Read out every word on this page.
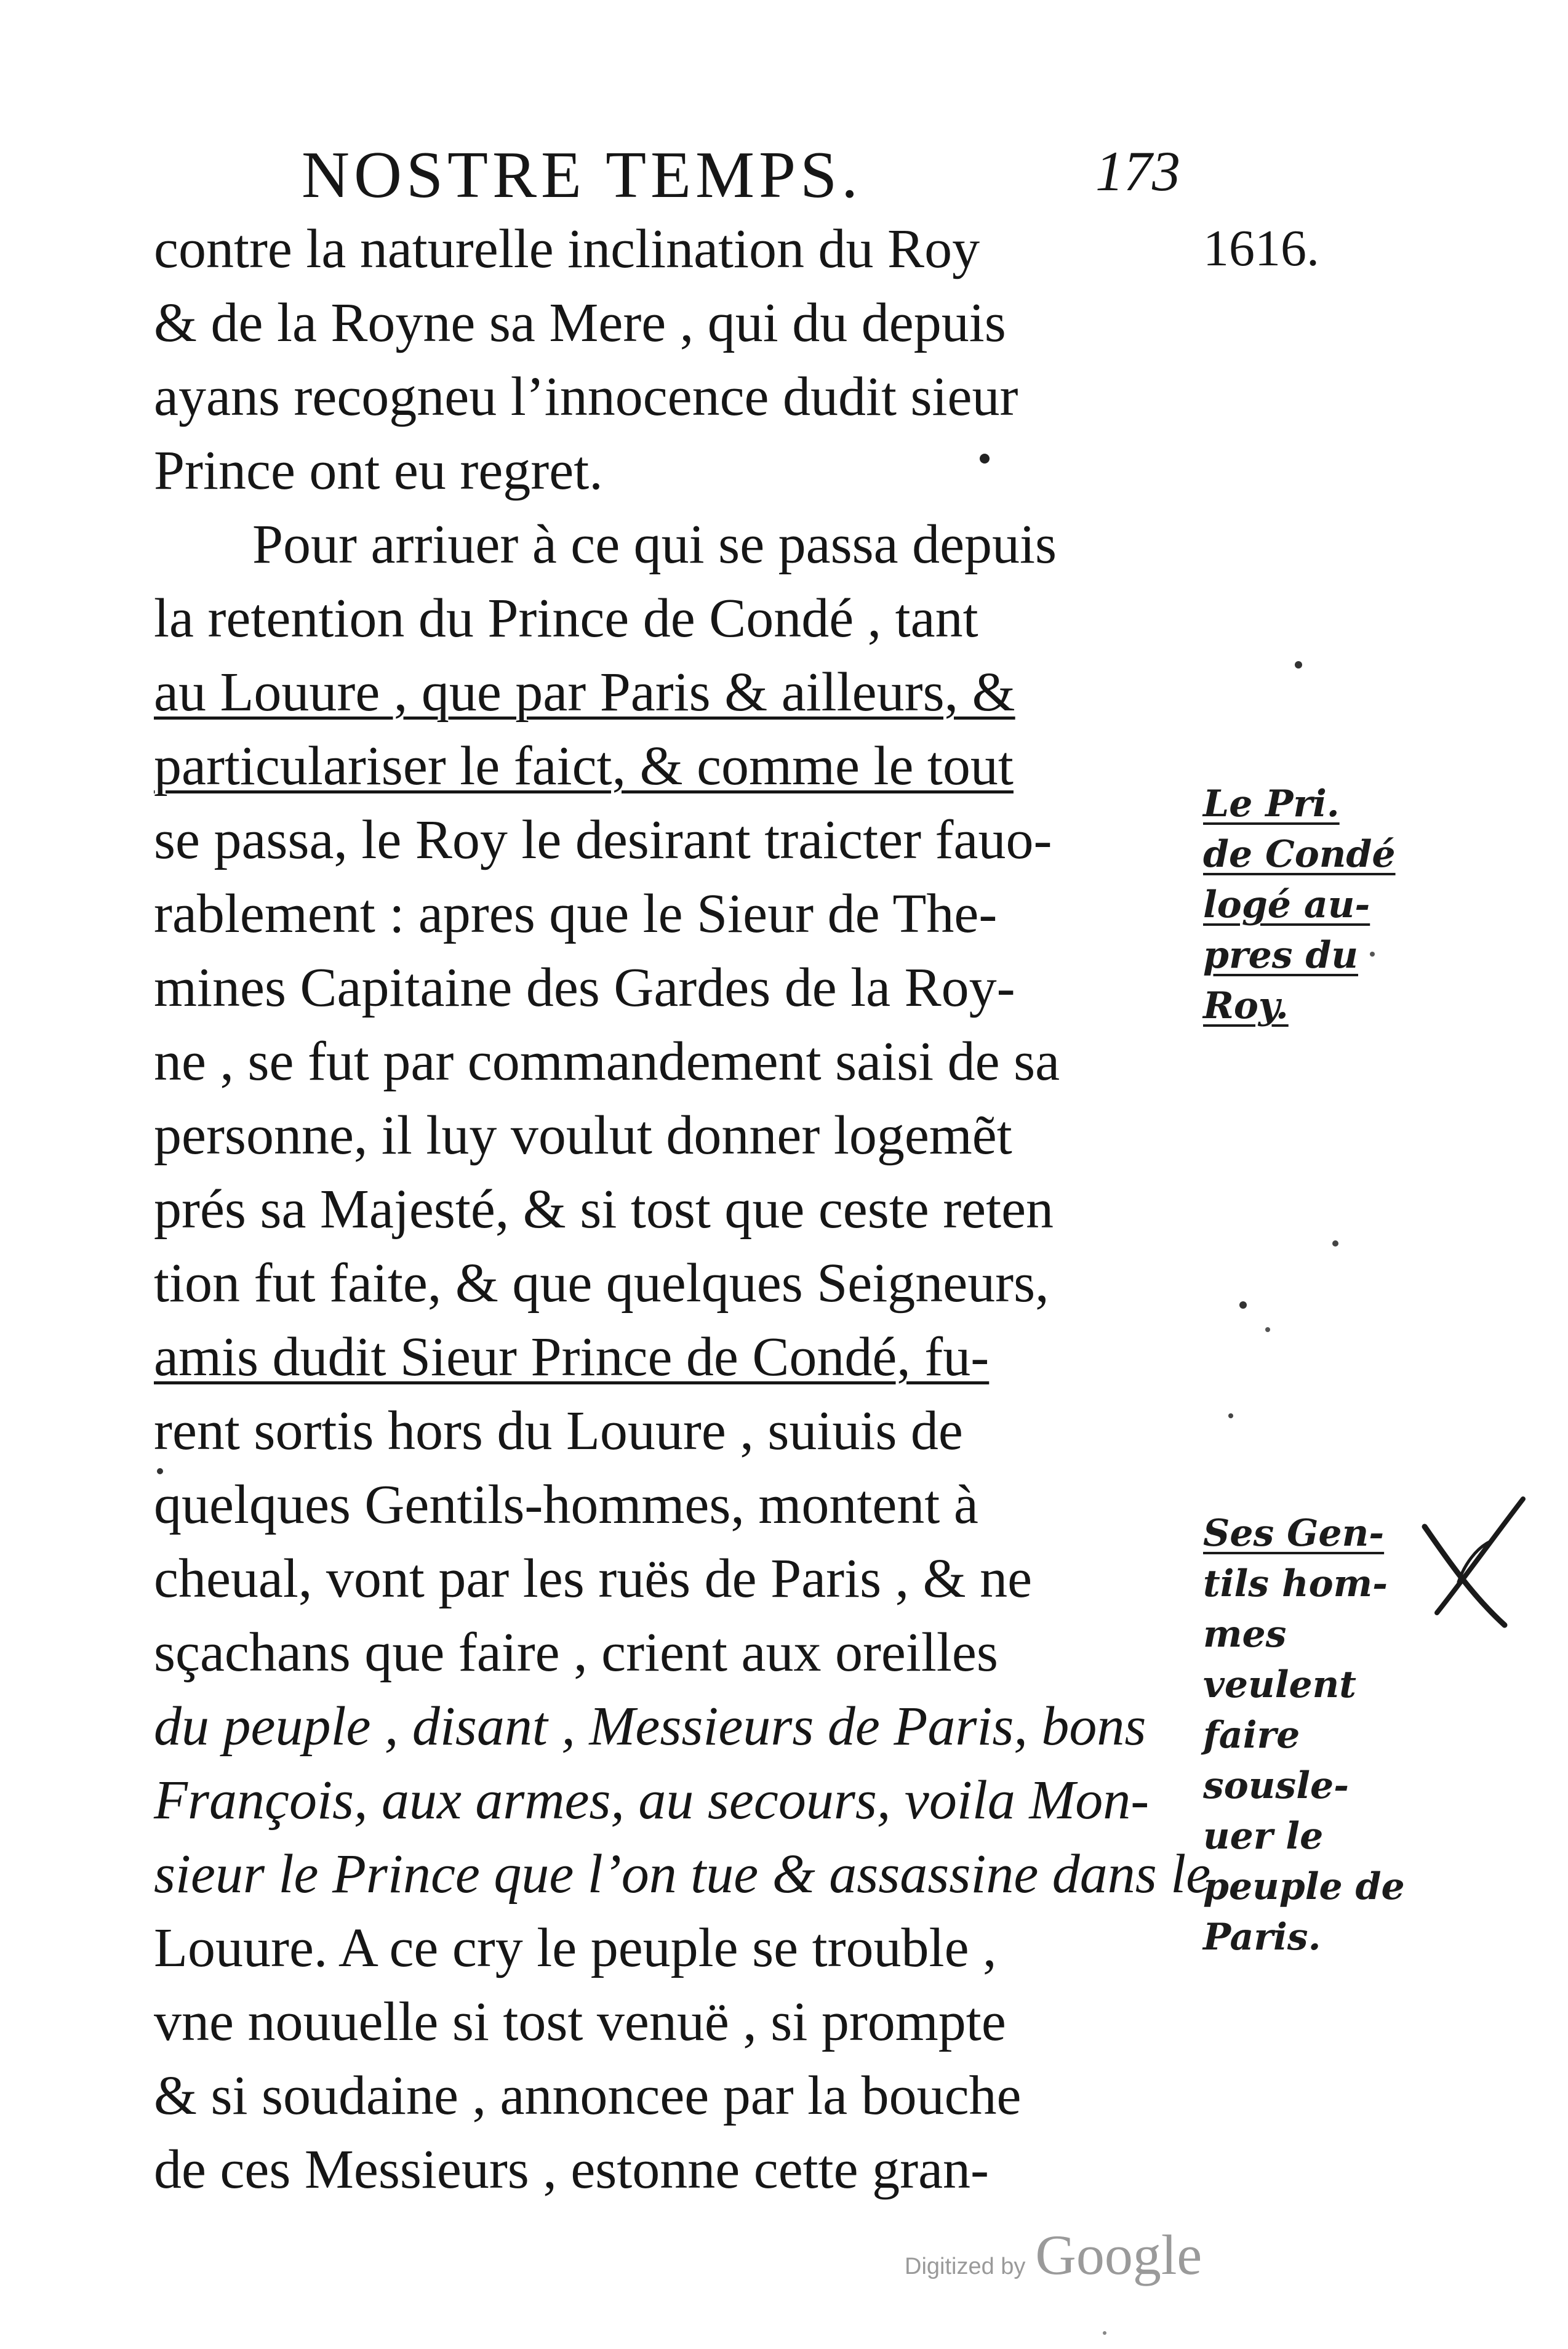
NOSTRE TEMPS.	173
1616.
contre la naturelle inclination du Roy
& de la Royne sa Mere , qui du depuis
ayans recogneu l’innocence dudit sieur
Prince ont eu regret.
Pour arriuer à ce qui se passa depuis
la retention du Prince de Condé , tant
au Louure , que par Paris & ailleurs, &
particulariser le faict, & comme le tout
se passa, le Roy le desirant traicter fauo-
rablement : apres que le Sieur de The-
mines Capitaine des Gardes de la Roy-
ne , se fut par commandement saisi de sa
personne, il luy voulut donner logemẽt
prés sa Majesté, & si tost que ceste reten
tion fut faite, & que quelques Seigneurs,
amis dudit Sieur Prince de Condé, fu-
rent sortis hors du Louure , suiuis de
quelques Gentils-hommes, montent à
cheual, vont par les ruës de Paris , & ne
sçachans que faire , crient aux oreilles
du peuple , disant , Messieurs de Paris, bons
François, aux armes, au secours, voila Mon-
sieur le Prince que l’on tue & assassine dans le
Louure. A ce cry le peuple se trouble ,
vne nouuelle si tost venuë , si prompte
& si soudaine , annoncee par la bouche
de ces Messieurs , estonne cette gran-
Le Pri.
de Condé
logé au-
pres du
Roy.
Ses Gen-
tils hom-
mes
veulent
faire
sousle-
uer le
peuple de
Paris.
Digitized by Google
